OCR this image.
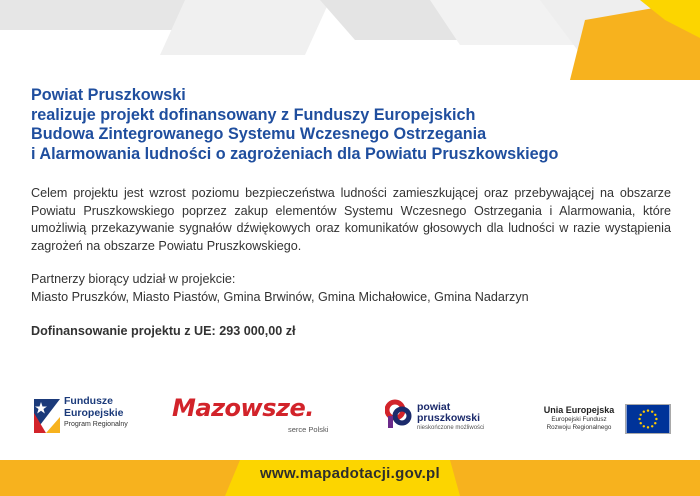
Powiat Pruszkowski
realizuje projekt dofinansowany z Funduszy Europejskich
Budowa Zintegrowanego Systemu Wczesnego Ostrzegania
i Alarmowania ludności o zagrożeniach dla Powiatu Pruszkowskiego

Celem projektu jest wzrost poziomu bezpieczeństwa ludności zamieszkującej oraz przebywającej na obszarze Powiatu Pruszkowskiego poprzez zakup elementów Systemu Wczesnego Ostrzegania i Alarmowania, które umożliwią przekazywanie sygnałów dźwiękowych oraz komunikatów głosowych dla ludności w razie wystąpienia zagrożeń na obszarze Powiatu Pruszkowskiego.

Partnerzy biorący udział w projekcie:
Miasto Pruszków, Miasto Piastów, Gmina Brwinów, Gmina Michałowice, Gmina Nadarzyn
Dofinansowanie projektu z UE: 293 000,00 zł
Fundusze
Europejskie
Program Regionalny
Mazowsze.
serce Polski
powiat
pruszkowski
nieskończone możliwości
Unia Europejska
Europejski Fundusz
Rozwoju Regionalnego
www.mapadotacji.gov.pl
